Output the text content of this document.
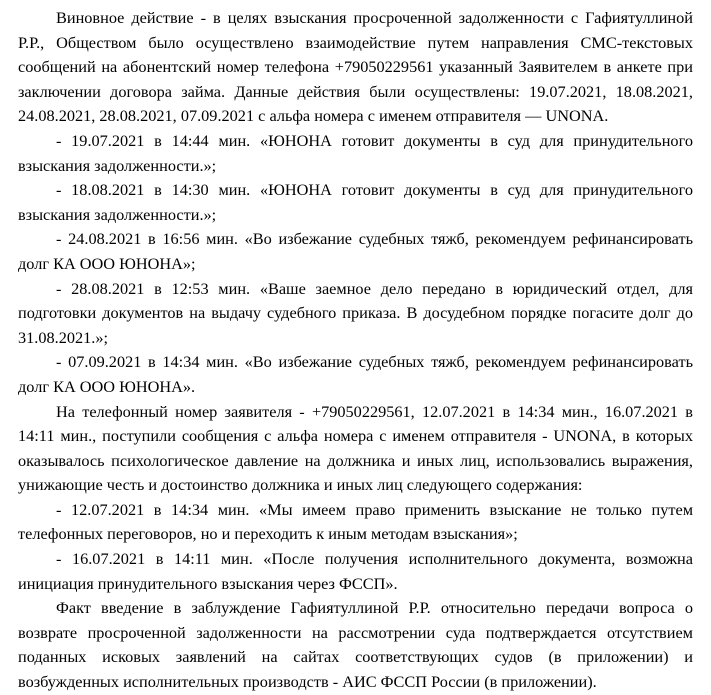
Виновное действие - в целях взыскания просроченной задолженности с Гафиятуллиной Р.Р., Обществом было осуществлено взаимодействие путем направления СМС-текстовых сообщений на абонентский номер телефона +79050229561 указанный Заявителем в анкете при заключении договора займа. Данные действия были осуществлены: 19.07.2021, 18.08.2021, 24.08.2021, 28.08.2021, 07.09.2021 с альфа номера с именем отправителя — UNONA.

- 19.07.2021 в 14:44 мин. «ЮНОНА готовит документы в суд для принудительного взыскания задолженности.»;

- 18.08.2021 в 14:30 мин. «ЮНОНА готовит документы в суд для принудительного взыскания задолженности.»;

- 24.08.2021 в 16:56 мин. «Во избежание судебных тяжб, рекомендуем рефинансировать долг КА ООО ЮНОНА»;

- 28.08.2021 в 12:53 мин. «Ваше заемное дело передано в юридический отдел, для подготовки документов на выдачу судебного приказа. В досудебном порядке погасите долг до 31.08.2021.»;

- 07.09.2021 в 14:34 мин. «Во избежание судебных тяжб, рекомендуем рефинансировать долг КА ООО ЮНОНА».

На телефонный номер заявителя - +79050229561, 12.07.2021 в 14:34 мин., 16.07.2021 в 14:11 мин., поступили сообщения с альфа номера с именем отправителя - UNONA, в которых оказывалось психологическое давление на должника и иных лиц, использовались выражения, унижающие честь и достоинство должника и иных лиц следующего содержания:

- 12.07.2021 в 14:34 мин. «Мы имеем право применить взыскание не только путем телефонных переговоров, но и переходить к иным методам взыскания»;

- 16.07.2021 в 14:11 мин. «После получения исполнительного документа, возможна инициация принудительного взыскания через ФССП».

Факт введение в заблуждение Гафиятуллиной Р.Р. относительно передачи вопроса о возврате просроченной задолженности на рассмотрении суда подтверждается отсутствием поданных исковых заявлений на сайтах соответствующих судов (в приложении) и возбужденных исполнительных производств - АИС ФССП России (в приложении).
